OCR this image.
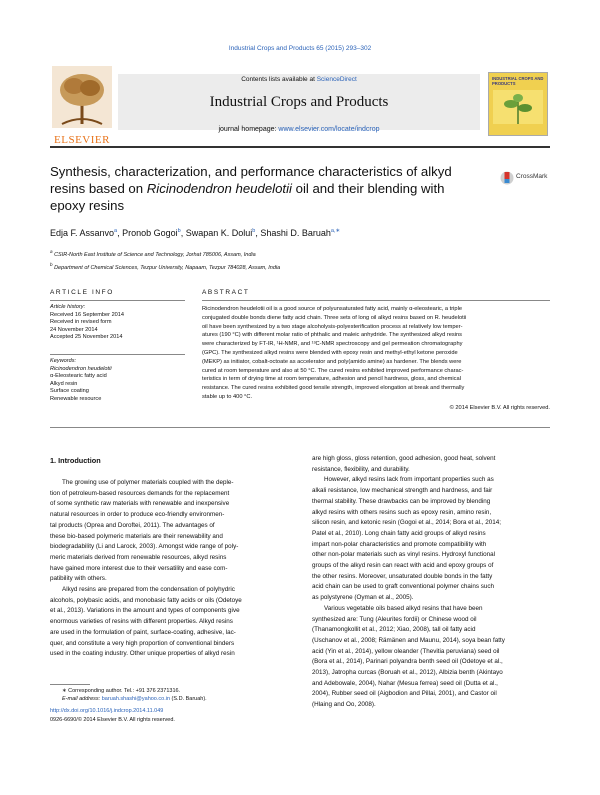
Industrial Crops and Products 65 (2015) 293–302
ELSEVIER
Contents lists available at ScienceDirect
Industrial Crops and Products
journal homepage: www.elsevier.com/locate/indcrop
INDUSTRIAL CROPS AND PRODUCTS
Synthesis, characterization, and performance characteristics of alkyd
resins based on Ricinodendron heudelotii oil and their blending with
epoxy resins
CrossMark
Edja F. Assanvo$^a$, Pronob Gogoi$^b$, Swapan K. Dolui$^b$, Shashi D. Baruah$^{a,∗}$
$^a$ CSIR-North East Institute of Science and Technology, Jorhat 785006, Assam, India
$^b$ Department of Chemical Sciences, Tezpur University, Napaam, Tezpur 784028, Assam, India
ARTICLE INFO
Article history:
Received 16 September 2014
Received in revised form
24 November 2014
Accepted 25 November 2014
Keywords:
Ricinodendron heudelotii
α-Eleostearic fatty acid
Alkyd resin
Surface coating
Renewable resource
ABSTRACT
Ricinodendron heudelotii oil is a good source of polyunsaturated fatty acid, mainly α-eleostearic, a triple
conjugated double bonds diene fatty acid chain. Three sets of long oil alkyd resins based on R. heudelotii
oil have been synthesized by a two stage alcoholysis-polyesterification process at relatively low temper-
atures (190 °C) with different molar ratio of phthalic and maleic anhydride. The synthesized alkyd resins
were characterized by FT-IR, ¹H-NMR, and ¹³C-NMR spectroscopy and gel permeation chromatography
(GPC). The synthesized alkyd resins were blended with epoxy resin and methyl-ethyl ketone peroxide
(MEKP) as initiator, cobalt-octoate as accelerator and poly(amido amine) as hardener. The blends were
cured at room temperature and also at 50 °C. The cured resins exhibited improved performance charac-
teristics in term of drying time at room temperature, adhesion and pencil hardness, gloss, and chemical
resistance. The cured resins exhibited good tensile strength, improved elongation at break and thermally
stable up to 400 °C.
© 2014 Elsevier B.V. All rights reserved.
1. Introduction
The growing use of polymer materials coupled with the deple-
tion of petroleum-based resources demands for the replacement
of some synthetic raw materials with renewable and inexpensive
natural resources in order to produce eco-friendly environmen-
tal products (Oprea and Doroftei, 2011). The advantages of
these bio-based polymeric materials are their renewability and
biodegradability (Li and Larock, 2003). Amongst wide range of poly-
meric materials derived from renewable resources, alkyd resins
have gained more interest due to their versatility and ease com-
patibility with others.
Alkyd resins are prepared from the condensation of polyhydric
alcohols, polybasic acids, and monobasic fatty acids or oils (Odetoye
et al., 2013). Variations in the amount and types of components give
enormous varieties of resins with different properties. Alkyd resins
are used in the formulation of paint, surface-coating, adhesive, lac-
quer, and constitute a very high proportion of conventional binders
used in the coating industry. Other unique properties of alkyd resin
are high gloss, gloss retention, good adhesion, good heat, solvent
resistance, flexibility, and durability.
However, alkyd resins lack from important properties such as
alkali resistance, low mechanical strength and hardness, and fair
thermal stability. These drawbacks can be improved by blending
alkyd resins with others resins such as epoxy resin, amino resin,
silicon resin, and ketonic resin (Gogoi et al., 2014; Bora et al., 2014;
Patel et al., 2010). Long chain fatty acid groups of alkyd resins
impart non-polar characteristics and promote compatibility with
other non-polar materials such as vinyl resins. Hydroxyl functional
groups of the alkyd resin can react with acid and epoxy groups of
the other resins. Moreover, unsaturated double bonds in the fatty
acid chain can be used to graft conventional polymer chains such
as polystyrene (Oyman et al., 2005).
Various vegetable oils based alkyd resins that have been
synthesized are: Tung (Aleurites fordii) or Chinese wood oil
(Thanamongkollit et al., 2012; Xiao, 2008), tall oil fatty acid
(Uschanov et al., 2008; Rämänen and Maunu, 2014), soya bean fatty
acid (Yin et al., 2014), yellow oleander (Thevitia peruviana) seed oil
(Bora et al., 2014), Parinari polyandra benth seed oil (Odetoye et al.,
2013), Jatropha curcas (Boruah et al., 2012), Albizia benth (Akintayo
and Adebowale, 2004), Nahar (Mesua ferrea) seed oil (Dutta et al.,
2004), Rubber seed oil (Aigbodion and Pillai, 2001), and Castor oil
(Hlaing and Oo, 2008).
∗ Corresponding author. Tel.: +91 376 2371316.
E-mail address: baruah.shashi@yahoo.co.in (S.D. Baruah).
http://dx.doi.org/10.1016/j.indcrop.2014.11.049
0926-6690/© 2014 Elsevier B.V. All rights reserved.
